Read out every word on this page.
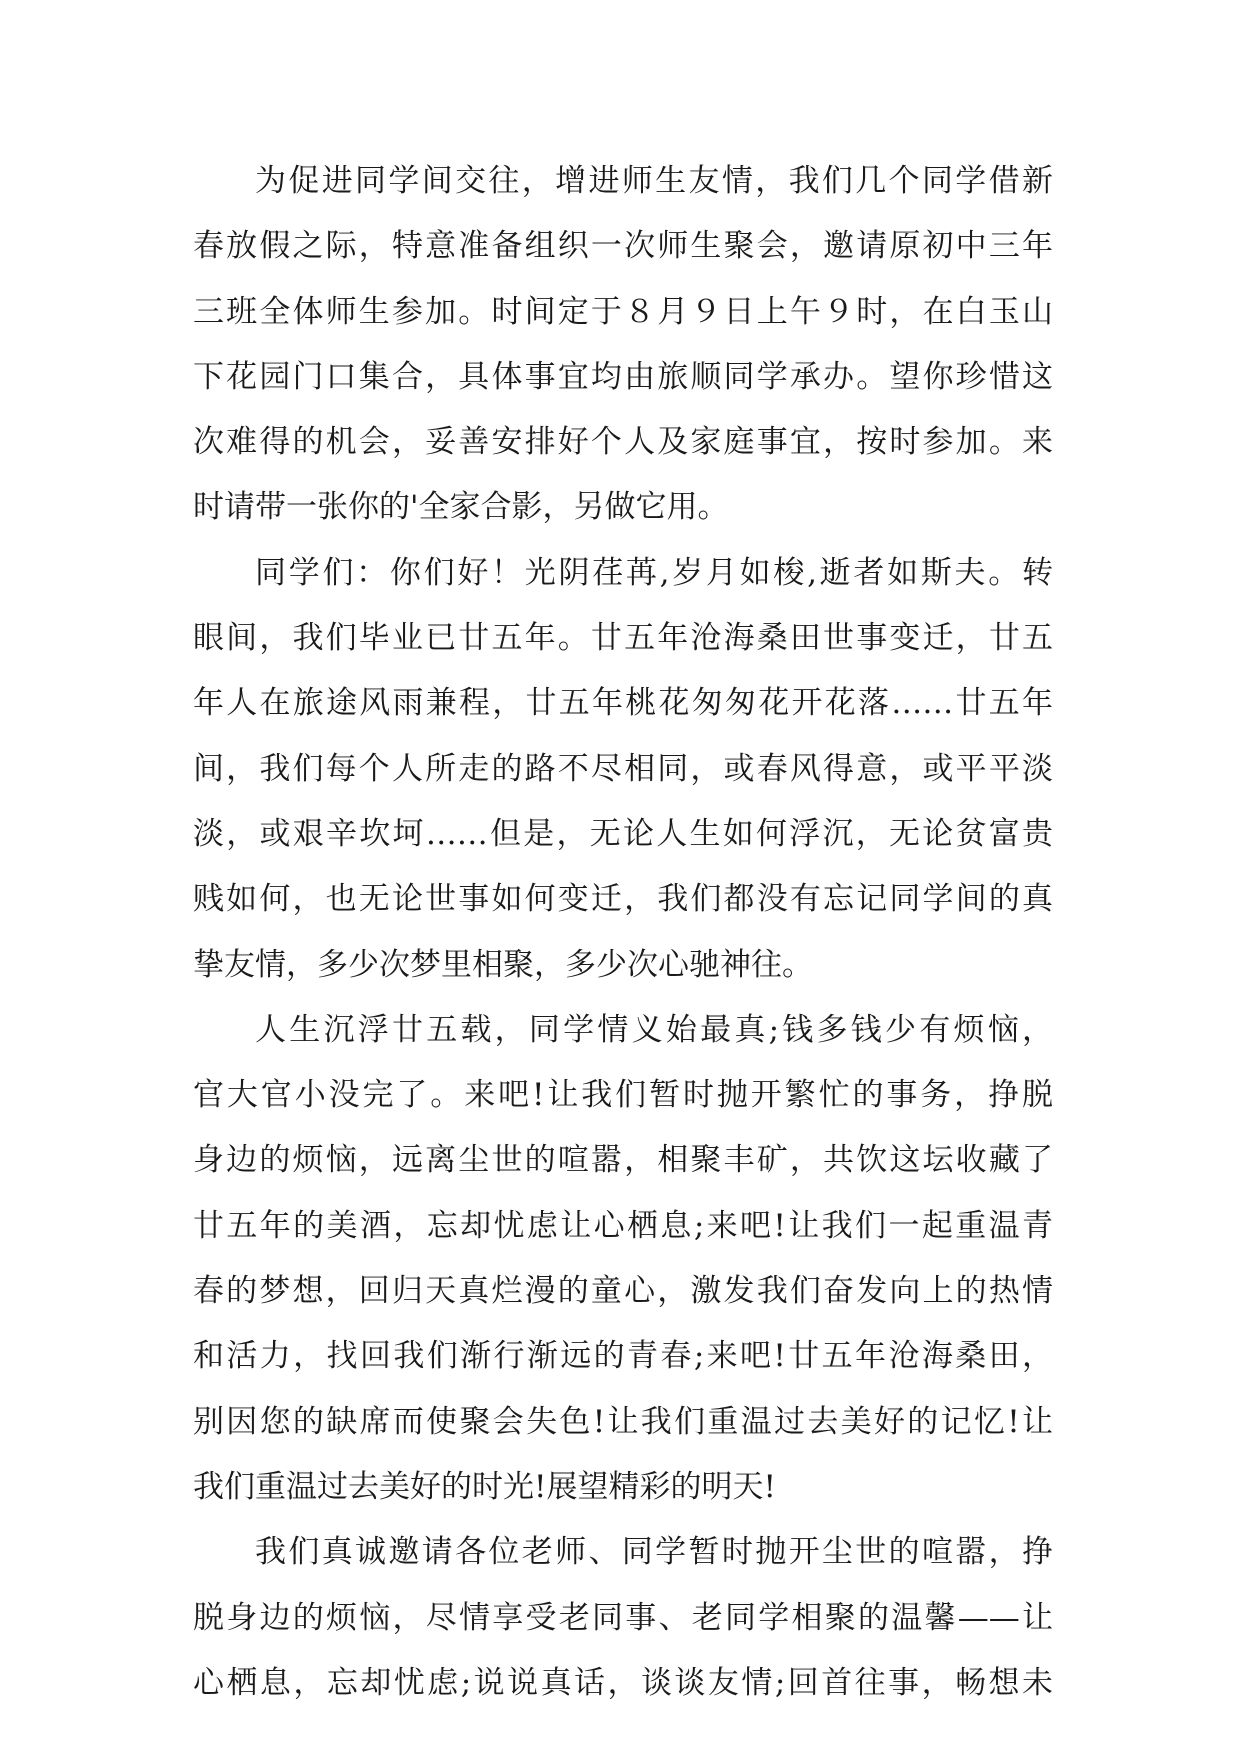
为促进同学间交往，增进师生友情，我们几个同学借新
春放假之际，特意准备组织一次师生聚会，邀请原初中三年
三班全体师生参加。时间定于８月９日上午９时，在白玉山
下花园门口集合，具体事宜均由旅顺同学承办。望你珍惜这
次难得的机会，妥善安排好个人及家庭事宜，按时参加。来
时请带一张你的'全家合影，另做它用。
同学们：你们好！光阴荏苒,岁月如梭,逝者如斯夫。转
眼间，我们毕业已廿五年。廿五年沧海桑田世事变迁，廿五
年人在旅途风雨兼程，廿五年桃花匆匆花开花落……廿五年
间，我们每个人所走的路不尽相同，或春风得意，或平平淡
淡，或艰辛坎坷……但是，无论人生如何浮沉，无论贫富贵
贱如何，也无论世事如何变迁，我们都没有忘记同学间的真
挚友情，多少次梦里相聚，多少次心驰神往。
人生沉浮廿五载，同学情义始最真;钱多钱少有烦恼，
官大官小没完了。来吧!让我们暂时抛开繁忙的事务，挣脱
身边的烦恼，远离尘世的喧嚣，相聚丰矿，共饮这坛收藏了
廿五年的美酒，忘却忧虑让心栖息;来吧!让我们一起重温青
春的梦想，回归天真烂漫的童心，激发我们奋发向上的热情
和活力，找回我们渐行渐远的青春;来吧!廿五年沧海桑田，
别因您的缺席而使聚会失色!让我们重温过去美好的记忆!让
我们重温过去美好的时光!展望精彩的明天!
我们真诚邀请各位老师、同学暂时抛开尘世的喧嚣，挣
脱身边的烦恼，尽情享受老同事、老同学相聚的温馨——让
心栖息，忘却忧虑;说说真话，谈谈友情;回首往事，畅想未
